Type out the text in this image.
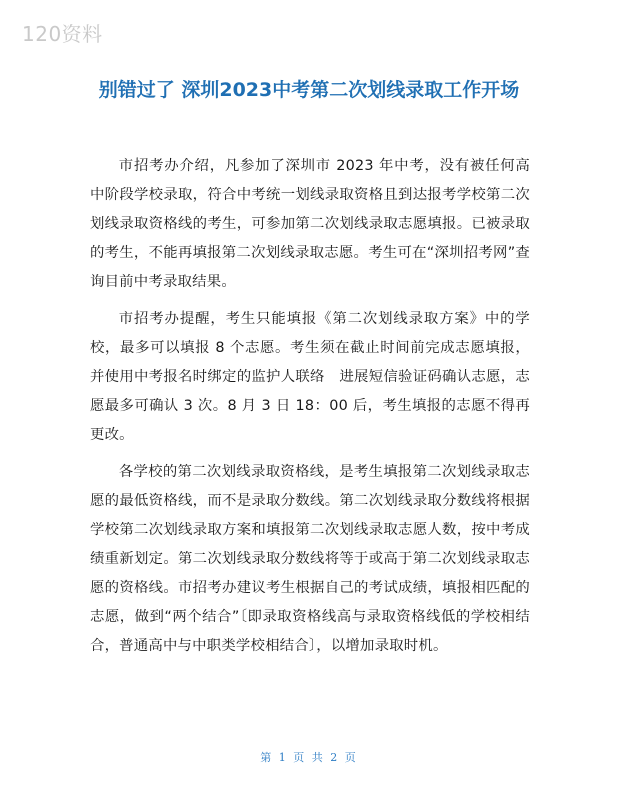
120资料
别错过了 深圳2023中考第二次划线录取工作开场

市招考办介绍，凡参加了深圳市 2023 年中考，没有被任何高中阶段学校录取，符合中考统一划线录取资格且到达报考学校第二次划线录取资格线的考生，可参加第二次划线录取志愿填报。已被录取的考生，不能再填报第二次划线录取志愿。考生可在“深圳招考网”查询目前中考录取结果。

市招考办提醒，考生只能填报《第二次划线录取方案》中的学校，最多可以填报 8 个志愿。考生须在截止时间前完成志愿填报，并使用中考报名时绑定的监护人联络　进展短信验证码确认志愿，志愿最多可确认 3 次。8 月 3 日 18：00 后，考生填报的志愿不得再更改。

各学校的第二次划线录取资格线，是考生填报第二次划线录取志愿的最低资格线，而不是录取分数线。第二次划线录取分数线将根据学校第二次划线录取方案和填报第二次划线录取志愿人数，按中考成绩重新划定。第二次划线录取分数线将等于或高于第二次划线录取志愿的资格线。市招考办建议考生根据自己的考试成绩，填报相匹配的志愿，做到“两个结合”〔即录取资格线高与录取资格线低的学校相结合，普通高中与中职类学校相结合〕，以增加录取时机。

第 1 页 共 2 页
